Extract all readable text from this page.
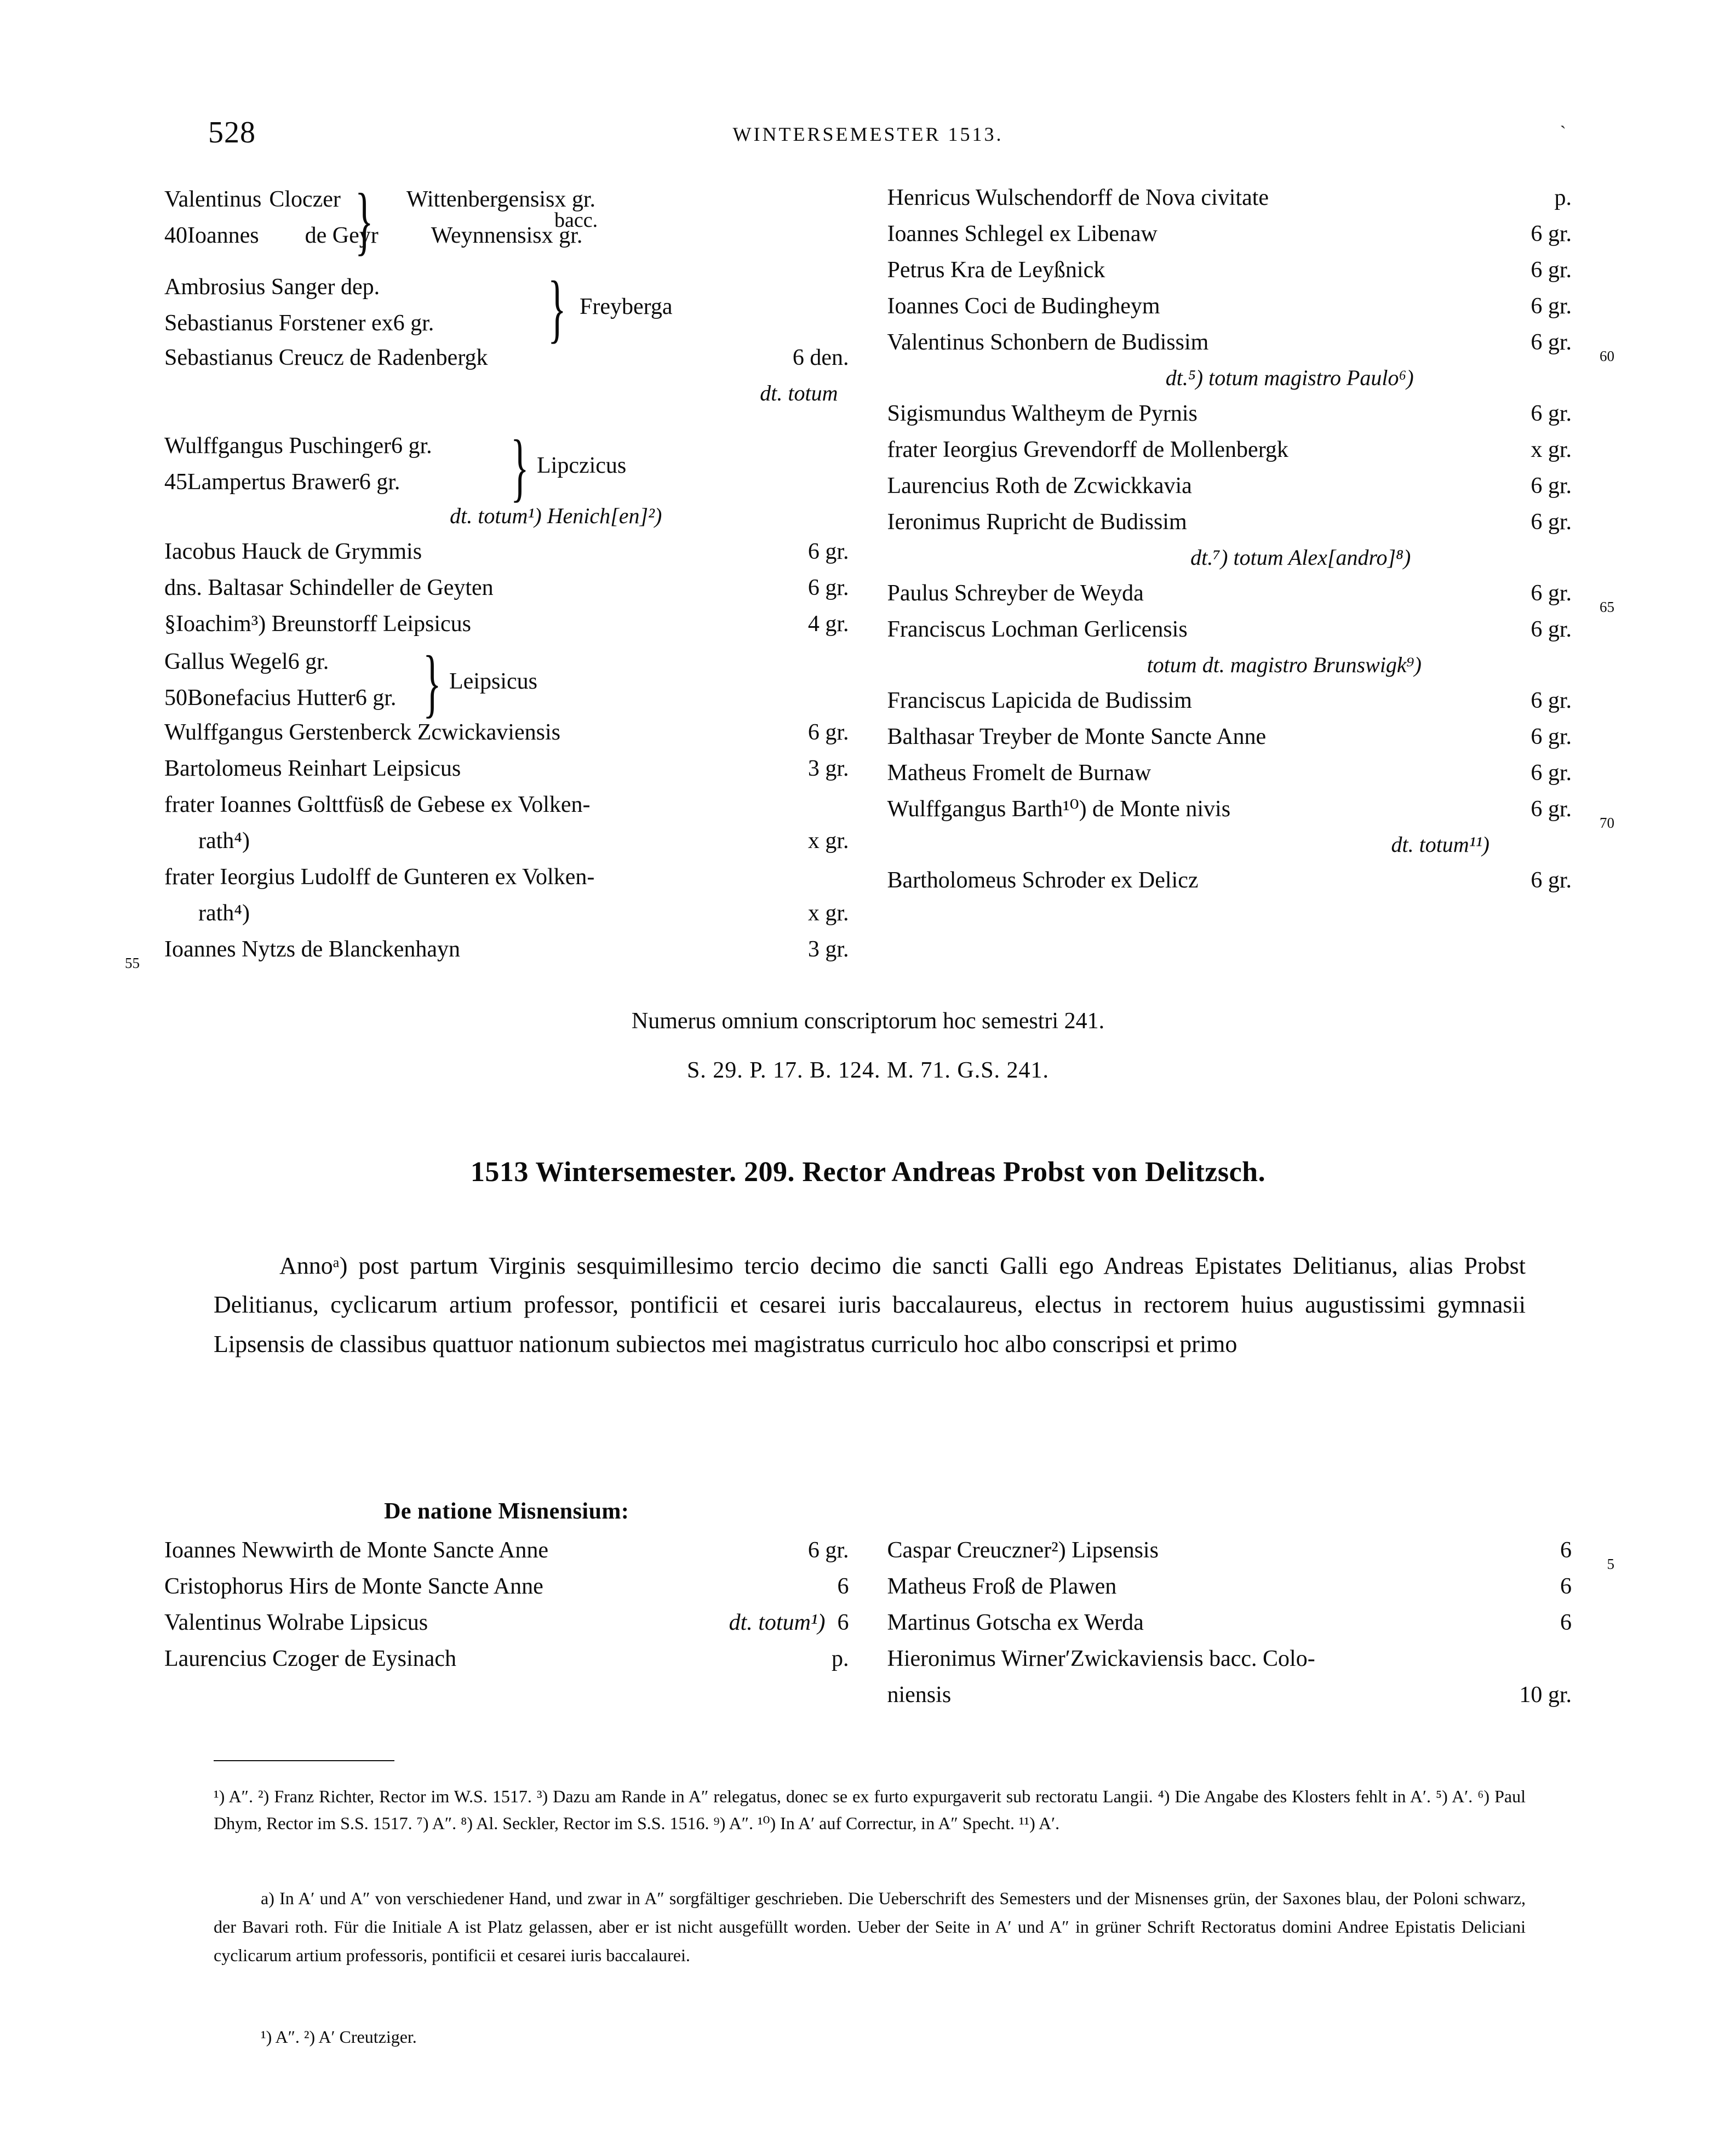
528	WINTERSEMESTER 1513.	`
Valentinus Cloczer	Wittenbergensis x gr.
40 Ioannes de Geyr Weynnensis x gr.
}	bacc.
Ambrosius Sanger de p.
Sebastianus Forstener ex 6 gr.	} Freyberga
Sebastianus Creucz de Radenbergk	6 den.
dt. totum
Wulffgangus Puschinger 6 gr.
45 Lampertus Brawer 6 gr.	} Lipczicus
dt. totum¹) Henich[en]²)
Iacobus Hauck de Grymmis	6 gr.
dns. Baltasar Schindeller de Geyten	6 gr.
§Ioachim³) Breunstorff Leipsicus	4 gr.
Gallus Wegel 6 gr.
50 Bonefacius Hutter 6 gr. } Leipsicus
Wulffgangus Gerstenberck Zcwickaviensis	6 gr.
Bartolomeus Reinhart Leipsicus	3 gr.
frater Ioannes Golttfüsß de Gebese ex Volken-
rath⁴)	x gr.
frater Ieorgius Ludolff de Gunteren ex Volken-
rath⁴)	x gr.
55
Ioannes Nytzs de Blanckenhayn	3 gr.
Henricus Wulschendorff de Nova civitate	p.
Ioannes Schlegel ex Libenaw	6 gr.
Petrus Kra de Leyßnick	6 gr.
Ioannes Coci de Budingheym	6 gr.
Valentinus Schonbern de Budissim	6 gr.
60
dt.⁵) totum magistro Paulo⁶)
Sigismundus Waltheym de Pyrnis	6 gr.
frater Ieorgius Grevendorff de Mollenbergk	x gr.
Laurencius Roth de Zcwickkavia	6 gr.
Ieronimus Rupricht de Budissim	6 gr.
dt.⁷) totum Alex[andro]⁸)
Paulus Schreyber de Weyda	6 gr.
65
Franciscus Lochman Gerlicensis	6 gr.
totum dt. magistro Brunswigk⁹)
Franciscus Lapicida de Budissim	6 gr.
Balthasar Treyber de Monte Sancte Anne	6 gr.
Matheus Fromelt de Burnaw	6 gr.
Wulffgangus Barth¹⁰) de Monte nivis	6 gr.
70
dt. totum¹¹)
Bartholomeus Schroder ex Delicz	6 gr.
Numerus omnium conscriptorum hoc semestri 241.
S. 29. P. 17. B. 124. M. 71. G.S. 241.
1513 Wintersemester. 209. Rector Andreas Probst von Delitzsch.
Annoᵃ) post partum Virginis sesquimillesimo tercio decimo die sancti Galli ego Andreas Epistates Delitianus, alias Probst Delitianus, cyclicarum artium professor, pontificii et cesarei iuris baccalaureus, electus in rectorem huius augustissimi gymnasii Lipsensis de classibus quattuor nationum subiectos mei magistratus curriculo hoc albo conscripsi et primo
De natione Misnensium:
Ioannes Newwirth de Monte Sancte Anne	6 gr.
Cristophorus Hirs de Monte Sancte Anne	6
Valentinus Wolrabe Lipsicus	dt. totum¹) 6
Laurencius Czoger de Eysinach	p.
Caspar Creuczner²) Lipsensis	6
5
Matheus Froß de Plawen	6
Martinus Gotscha ex Werda	6
Hieronimus WirnerʹZwickaviensis bacc. Colo-
niensis	10 gr.
¹) A″. ²) Franz Richter, Rector im W.S. 1517. ³) Dazu am Rande in A″ relegatus, donec se ex furto expurgaverit sub rectoratu Langii. ⁴) Die Angabe des Klosters fehlt in A′. ⁵) A′. ⁶) Paul Dhym, Rector im S.S. 1517. ⁷) A″. ⁸) Al. Seckler, Rector im S.S. 1516. ⁹) A″. ¹⁰) In A′ auf Correctur, in A″ Specht. ¹¹) A′.
a) In A′ und A″ von verschiedener Hand, und zwar in A″ sorgfältiger geschrieben. Die Ueberschrift des Semesters und der Misnenses grün, der Saxones blau, der Poloni schwarz, der Bavari roth. Für die Initiale A ist Platz gelassen, aber er ist nicht ausgefüllt worden. Ueber der Seite in A′ und A″ in grüner Schrift Rectoratus domini Andree Epistatis Deliciani cyclicarum artium professoris, pontificii et cesarei iuris baccalaurei.
¹) A″. ²) A′ Creutziger.
